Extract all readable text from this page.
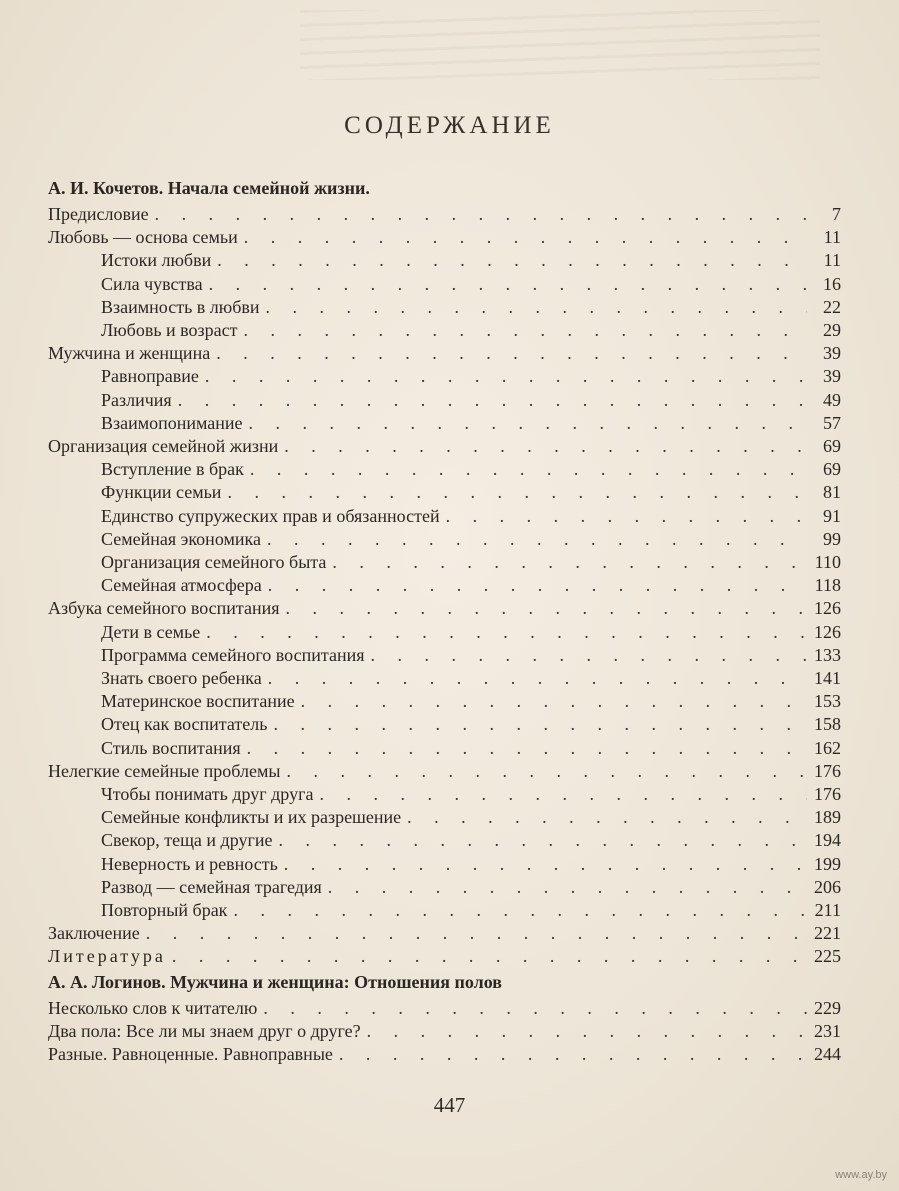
СОДЕРЖАНИЕ
А. И. Кочетов. Начала семейной жизни.
Предисловие . . .	7
Любовь — основа семьи . . .	11
Истоки любви . . .	11
Сила чувства . . .	16
Взаимность в любви . . .	22
Любовь и возраст . . .	29
Мужчина и женщина . . .	39
Равноправие . . .	39
Различия . . .	49
Взаимопонимание . . .	57
Организация семейной жизни . . .	69
Вступление в брак . . .	69
Функции семьи . . .	81
Единство супружеских прав и обязанностей . . .	91
Семейная экономика . . .	99
Организация семейного быта . . .	110
Семейная атмосфера . . .	118
Азбука семейного воспитания . . .	126
Дети в семье . . .	126
Программа семейного воспитания . . .	133
Знать своего ребенка . . .	141
Материнское воспитание . . .	153
Отец как воспитатель . . .	158
Стиль воспитания . . .	162
Нелегкие семейные проблемы . . .	176
Чтобы понимать друг друга . . .	176
Семейные конфликты и их разрешение . . .	189
Свекор, теща и другие . . .	194
Неверность и ревность . . .	199
Развод — семейная трагедия . . .	206
Повторный брак . . .	211
Заключение . . .	221
Литература . . .	225
А. А. Логинов. Мужчина и женщина: Отношения полов
Несколько слов к читателю . . .	229
Два пола: Все ли мы знаем друг о друге? . . .	231
Разные. Равноценные. Равноправные . . .	244
447
www.ay.by
